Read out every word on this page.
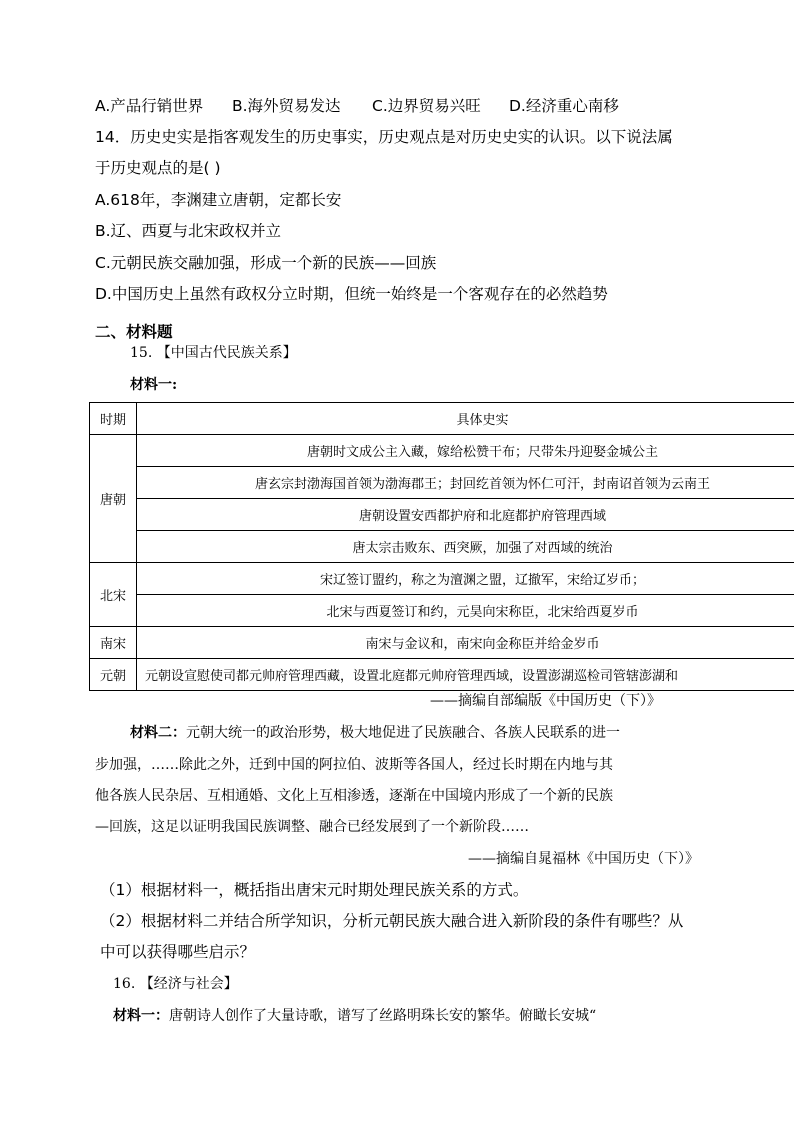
A.产品行销世界 B.海外贸易发达 C.边界贸易兴旺 D.经济重心南移
14．历史史实是指客观发生的历史事实，历史观点是对历史史实的认识。以下说法属
于历史观点的是( )
A.618年，李渊建立唐朝，定都长安
B.辽、西夏与北宋政权并立
C.元朝民族交融加强，形成一个新的民族——回族
D.中国历史上虽然有政权分立时期，但统一始终是一个客观存在的必然趋势
二、材料题
15. 【中国古代民族关系】
材料一:
时期	具体史实
唐朝	唐朝时文成公主入藏，嫁给松赞干布；尺带朱丹迎娶金城公主
	唐玄宗封渤海国首领为渤海郡王；封回纥首领为怀仁可汗，封南诏首领为云南王
	唐朝设置安西都护府和北庭都护府管理西域
	唐太宗击败东、西突厥，加强了对西域的统治
北宋	宋辽签订盟约，称之为澶渊之盟，辽撤军，宋给辽岁币；
	北宋与西夏签订和约，元昊向宋称臣，北宋给西夏岁币
南宋	南宋与金议和，南宋向金称臣并给金岁币
元朝	元朝设宣慰使司都元帅府管理西藏，设置北庭都元帅府管理西域，设置澎湖巡检司管辖澎湖和
——摘编自部编版《中国历史（下）》
材料二：元朝大统一的政治形势，极大地促进了民族融合、各族人民联系的进一
步加强，……除此之外，迁到中国的阿拉伯、波斯等各国人，经过长时期在内地与其
他各族人民杂居、互相通婚、文化上互相渗透，逐渐在中国境内形成了一个新的民族
—回族，这足以证明我国民族调整、融合已经发展到了一个新阶段……
——摘编自晁福林《中国历史（下）》
（1）根据材料一，概括指出唐宋元时期处理民族关系的方式。
（2）根据材料二并结合所学知识，分析元朝民族大融合进入新阶段的条件有哪些？从
中可以获得哪些启示？
16. 【经济与社会】
材料一：唐朝诗人创作了大量诗歌，谱写了丝路明珠长安的繁华。俯瞰长安城“
